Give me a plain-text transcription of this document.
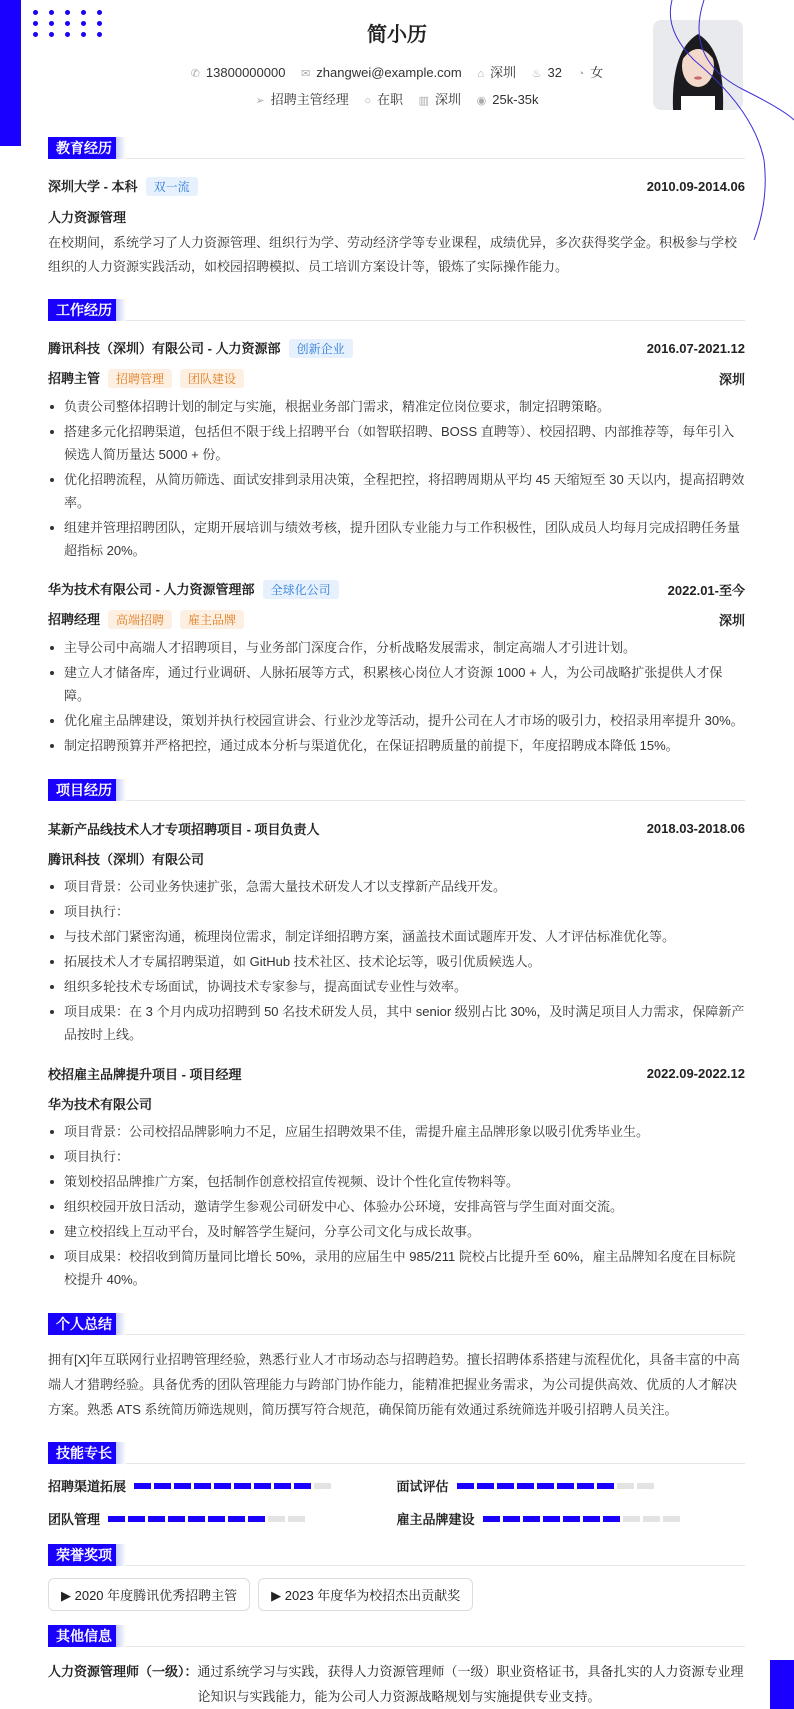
简小历
✆ 13800000000 ✉ zhangwei@example.com ⌂ 深圳 ♨ 32 ◔ 女
➢ 招聘主管经理 ○ 在职 ▥ 深圳 ◉ 25k-35k
教育经历
深圳大学 - 本科 双一流	2010.09-2014.06
人力资源管理
在校期间，系统学习了人力资源管理、组织行为学、劳动经济学等专业课程，成绩优异，多次获得奖学金。积极参与学校组织的人力资源实践活动，如校园招聘模拟、员工培训方案设计等，锻炼了实际操作能力。
工作经历
腾讯科技（深圳）有限公司 - 人力资源部 创新企业	2016.07-2021.12
招聘主管 招聘管理 团队建设	深圳
负责公司整体招聘计划的制定与实施，根据业务部门需求，精准定位岗位要求，制定招聘策略。
搭建多元化招聘渠道，包括但不限于线上招聘平台（如智联招聘、BOSS 直聘等）、校园招聘、内部推荐等，每年引入候选人简历量达 5000 + 份。
优化招聘流程，从简历筛选、面试安排到录用决策，全程把控，将招聘周期从平均 45 天缩短至 30 天以内，提高招聘效率。
组建并管理招聘团队，定期开展培训与绩效考核，提升团队专业能力与工作积极性，团队成员人均每月完成招聘任务量超指标 20%。
华为技术有限公司 - 人力资源管理部 全球化公司	2022.01-至今
招聘经理 高端招聘 雇主品牌	深圳
主导公司中高端人才招聘项目，与业务部门深度合作，分析战略发展需求，制定高端人才引进计划。
建立人才储备库，通过行业调研、人脉拓展等方式，积累核心岗位人才资源 1000 + 人，为公司战略扩张提供人才保障。
优化雇主品牌建设，策划并执行校园宣讲会、行业沙龙等活动，提升公司在人才市场的吸引力，校招录用率提升 30%。
制定招聘预算并严格把控，通过成本分析与渠道优化，在保证招聘质量的前提下，年度招聘成本降低 15%。
项目经历
某新产品线技术人才专项招聘项目 - 项目负责人	2018.03-2018.06
腾讯科技（深圳）有限公司
项目背景：公司业务快速扩张，急需大量技术研发人才以支撑新产品线开发。
项目执行：
与技术部门紧密沟通，梳理岗位需求，制定详细招聘方案，涵盖技术面试题库开发、人才评估标准优化等。
拓展技术人才专属招聘渠道，如 GitHub 技术社区、技术论坛等，吸引优质候选人。
组织多轮技术专场面试，协调技术专家参与，提高面试专业性与效率。
项目成果：在 3 个月内成功招聘到 50 名技术研发人员，其中 senior 级别占比 30%，及时满足项目人力需求，保障新产品按时上线。
校招雇主品牌提升项目 - 项目经理	2022.09-2022.12
华为技术有限公司
项目背景：公司校招品牌影响力不足，应届生招聘效果不佳，需提升雇主品牌形象以吸引优秀毕业生。
项目执行：
策划校招品牌推广方案，包括制作创意校招宣传视频、设计个性化宣传物料等。
组织校园开放日活动，邀请学生参观公司研发中心、体验办公环境，安排高管与学生面对面交流。
建立校招线上互动平台，及时解答学生疑问，分享公司文化与成长故事。
项目成果：校招收到简历量同比增长 50%，录用的应届生中 985/211 院校占比提升至 60%，雇主品牌知名度在目标院校提升 40%。
个人总结
拥有[X]年互联网行业招聘管理经验，熟悉行业人才市场动态与招聘趋势。擅长招聘体系搭建与流程优化，具备丰富的中高端人才猎聘经验。具备优秀的团队管理能力与跨部门协作能力，能精准把握业务需求，为公司提供高效、优质的人才解决方案。熟悉 ATS 系统简历筛选规则，简历撰写符合规范，确保简历能有效通过系统筛选并吸引招聘人员关注。
技能专长
招聘渠道拓展	面试评估
团队管理	雇主品牌建设
荣誉奖项
▶ 2020 年度腾讯优秀招聘主管	▶ 2023 年度华为校招杰出贡献奖
其他信息
人力资源管理师（一级）： 通过系统学习与实践，获得人力资源管理师（一级）职业资格证书，具备扎实的人力资源专业理论知识与实践能力，能为公司人力资源战略规划与实施提供专业支持。
